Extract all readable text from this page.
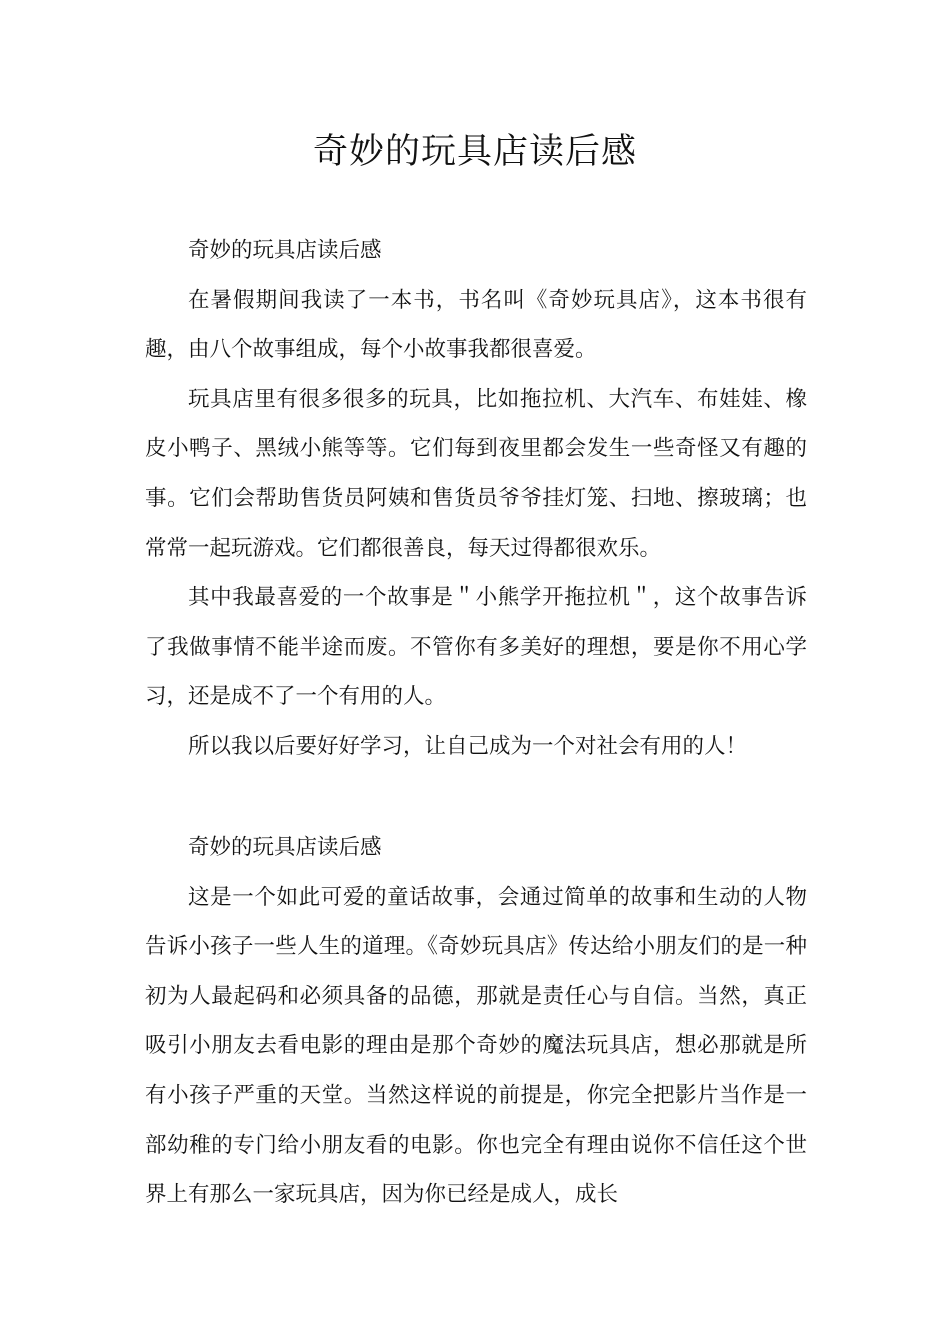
奇妙的玩具店读后感

奇妙的玩具店读后感

在暑假期间我读了一本书，书名叫《奇妙玩具店》，这本书很有趣，由八个故事组成，每个小故事我都很喜爱。

玩具店里有很多很多的玩具，比如拖拉机、大汽车、布娃娃、橡皮小鸭子、黑绒小熊等等。它们每到夜里都会发生一些奇怪又有趣的事。它们会帮助售货员阿姨和售货员爷爷挂灯笼、扫地、擦玻璃；也常常一起玩游戏。它们都很善良，每天过得都很欢乐。

其中我最喜爱的一个故事是＂小熊学开拖拉机＂，这个故事告诉了我做事情不能半途而废。不管你有多美好的理想，要是你不用心学习，还是成不了一个有用的人。

所以我以后要好好学习，让自己成为一个对社会有用的人！

奇妙的玩具店读后感

这是一个如此可爱的童话故事，会通过简单的故事和生动的人物告诉小孩子一些人生的道理。《奇妙玩具店》传达给小朋友们的是一种初为人最起码和必须具备的品德，那就是责任心与自信。当然，真正吸引小朋友去看电影的理由是那个奇妙的魔法玩具店，想必那就是所有小孩子严重的天堂。当然这样说的前提是，你完全把影片当作是一部幼稚的专门给小朋友看的电影。你也完全有理由说你不信任这个世界上有那么一家玩具店，因为你已经是成人，成长
